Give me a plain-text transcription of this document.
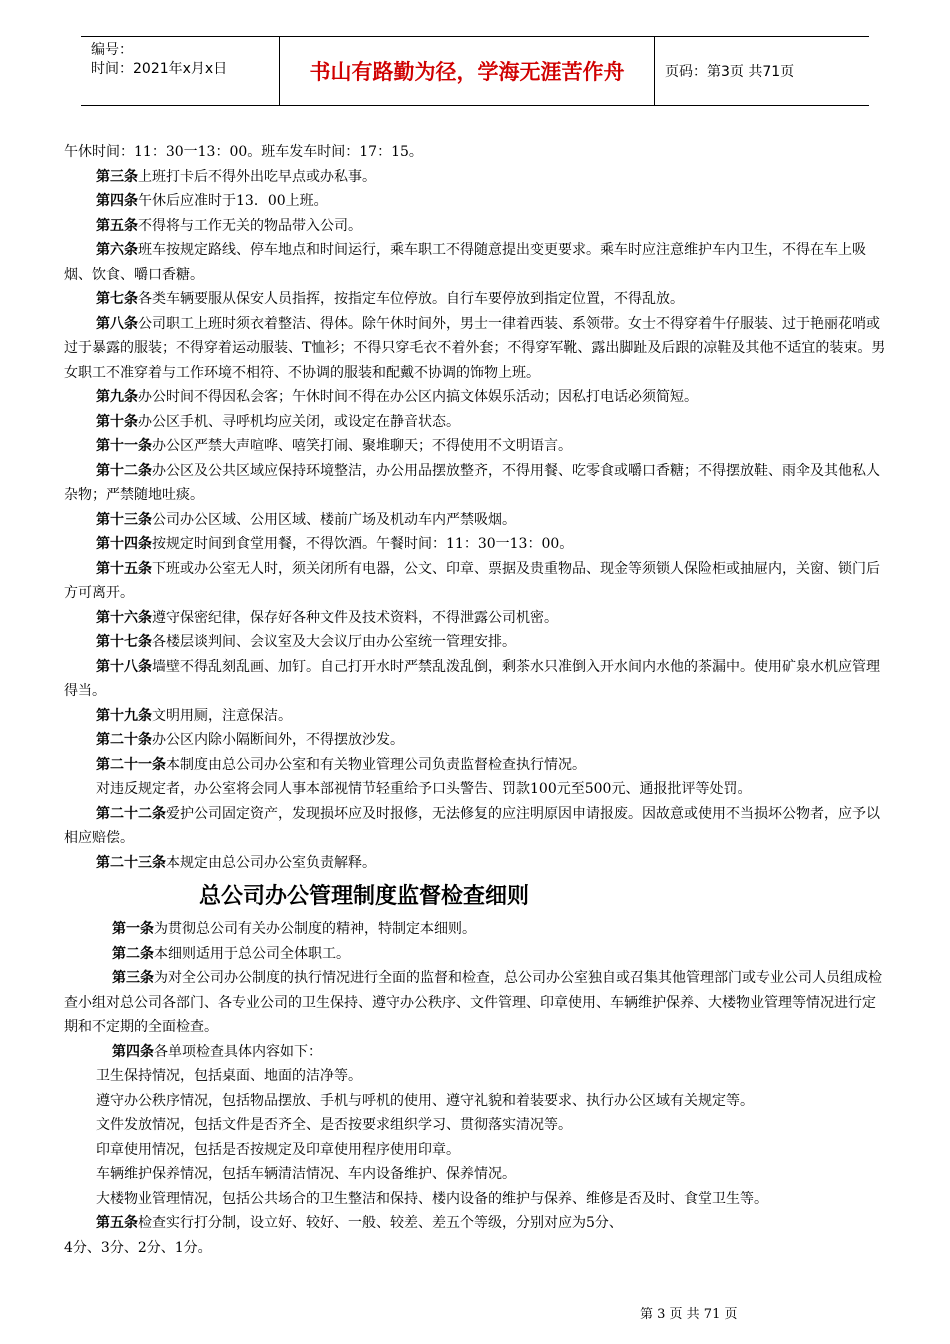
编号：
时间：2021年x月x日	书山有路勤为径，学海无涯苦作舟	页码：第3页 共71页

午休时间：11：30一13：00。班车发车时间：17：15。

第三条上班打卡后不得外出吃早点或办私事。

第四条午休后应准时于13．00上班。

第五条不得将与工作无关的物品带入公司。

第六条班车按规定路线、停车地点和时间运行，乘车职工不得随意提出变更要求。乘车时应注意维护车内卫生，不得在车上吸烟、饮食、嚼口香糖。

第七条各类车辆要服从保安人员指挥，按指定车位停放。自行车要停放到指定位置，不得乱放。

第八条公司职工上班时须衣着整洁、得体。除午休时间外，男士一律着西装、系领带。女士不得穿着牛仔服装、过于艳丽花哨或过于暴露的服装；不得穿着运动服装、T恤衫；不得只穿毛衣不着外套；不得穿军靴、露出脚趾及后跟的凉鞋及其他不适宜的装束。男女职工不准穿着与工作环境不相符、不协调的服装和配戴不协调的饰物上班。

第九条办公时间不得因私会客；午休时间不得在办公区内搞文体娱乐活动；因私打电话必须简短。

第十条办公区手机、寻呼机均应关闭，或设定在静音状态。

第十一条办公区严禁大声喧哗、嘻笑打闹、聚堆聊天；不得使用不文明语言。

第十二条办公区及公共区域应保持环境整洁，办公用品摆放整齐，不得用餐、吃零食或嚼口香糖；不得摆放鞋、雨伞及其他私人杂物；严禁随地吐痰。

第十三条公司办公区域、公用区域、楼前广场及机动车内严禁吸烟。

第十四条按规定时间到食堂用餐，不得饮酒。午餐时间：11：30一13：00。

第十五条下班或办公室无人时，须关闭所有电器，公文、印章、票据及贵重物品、现金等须锁人保险柜或抽屉内，关窗、锁门后方可离开。

第十六条遵守保密纪律，保存好各种文件及技术资料，不得泄露公司机密。

第十七条各楼层谈判间、会议室及大会议厅由办公室统一管理安排。

第十八条墙壁不得乱刻乱画、加钉。自己打开水时严禁乱泼乱倒，剩茶水只准倒入开水间内水他的茶漏中。使用矿泉水机应管理得当。

第十九条文明用厕，注意保洁。

第二十条办公区内除小隔断间外，不得摆放沙发。

第二十一条本制度由总公司办公室和有关物业管理公司负责监督检查执行情况。

对违反规定者，办公室将会同人事本部视情节轻重给予口头警告、罚款100元至500元、通报批评等处罚。

第二十二条爱护公司固定资产，发现损坏应及时报修，无法修复的应注明原因申请报废。因故意或使用不当损坏公物者，应予以相应赔偿。

第二十三条本规定由总公司办公室负责解释。

总公司办公管理制度监督检查细则

第一条为贯彻总公司有关办公制度的精神，特制定本细则。

第二条本细则适用于总公司全体职工。

第三条为对全公司办公制度的执行情况进行全面的监督和检查，总公司办公室独自或召集其他管理部门或专业公司人员组成检查小组对总公司各部门、各专业公司的卫生保持、遵守办公秩序、文件管理、印章使用、车辆维护保养、大楼物业管理等情况进行定期和不定期的全面检查。

第四条各单项检查具体内容如下：

卫生保持情况，包括桌面、地面的洁净等。

遵守办公秩序情况，包括物品摆放、手机与呼机的使用、遵守礼貌和着装要求、执行办公区域有关规定等。

文件发放情况，包括文件是否齐全、是否按要求组织学习、贯彻落实清况等。

印章使用情况，包括是否按规定及印章使用程序使用印章。

车辆维护保养情况，包括车辆清洁情况、车内设备维护、保养情况。

大楼物业管理情况，包括公共场合的卫生整洁和保持、楼内设备的维护与保养、维修是否及时、食堂卫生等。

第五条检查实行打分制，设立好、较好、一般、较差、差五个等级，分别对应为5分、

4分、3分、2分、1分。

第 3 页 共 71 页
